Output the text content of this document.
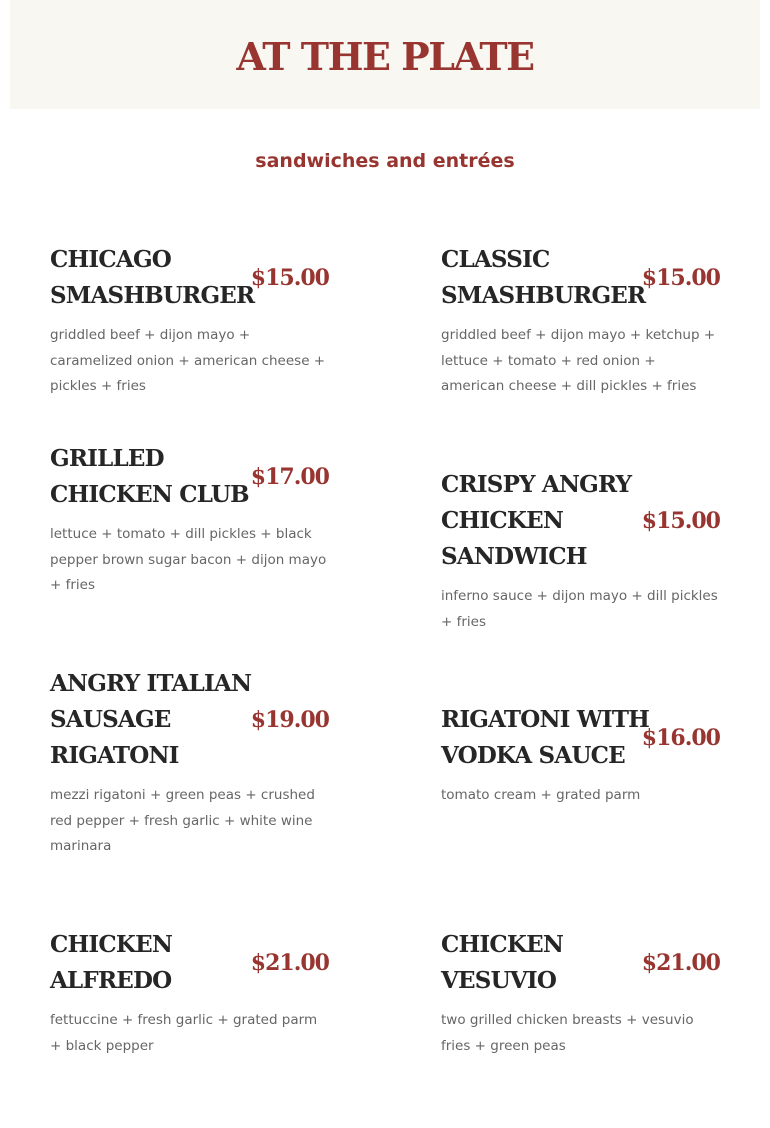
AT THE PLATE
sandwiches and entrées
CHICAGO SMASHBURGER
$15.00

griddled beef + dijon mayo + caramelized onion + american cheese + pickles + fries

CLASSIC SMASHBURGER
$15.00

griddled beef + dijon mayo + ketchup + lettuce + tomato + red onion + american cheese + dill pickles + fries

GRILLED CHICKEN CLUB
$17.00

lettuce + tomato + dill pickles + black pepper brown sugar bacon + dijon mayo + fries

CRISPY ANGRY CHICKEN SANDWICH
$15.00

inferno sauce + dijon mayo + dill pickles + fries

ANGRY ITALIAN SAUSAGE RIGATONI
$19.00

mezzi rigatoni + green peas + crushed red pepper + fresh garlic + white wine marinara

RIGATONI WITH VODKA SAUCE
$16.00

tomato cream + grated parm

CHICKEN ALFREDO
$21.00

fettuccine + fresh garlic + grated parm + black pepper

CHICKEN VESUVIO
$21.00

two grilled chicken breasts + vesuvio fries + green peas
